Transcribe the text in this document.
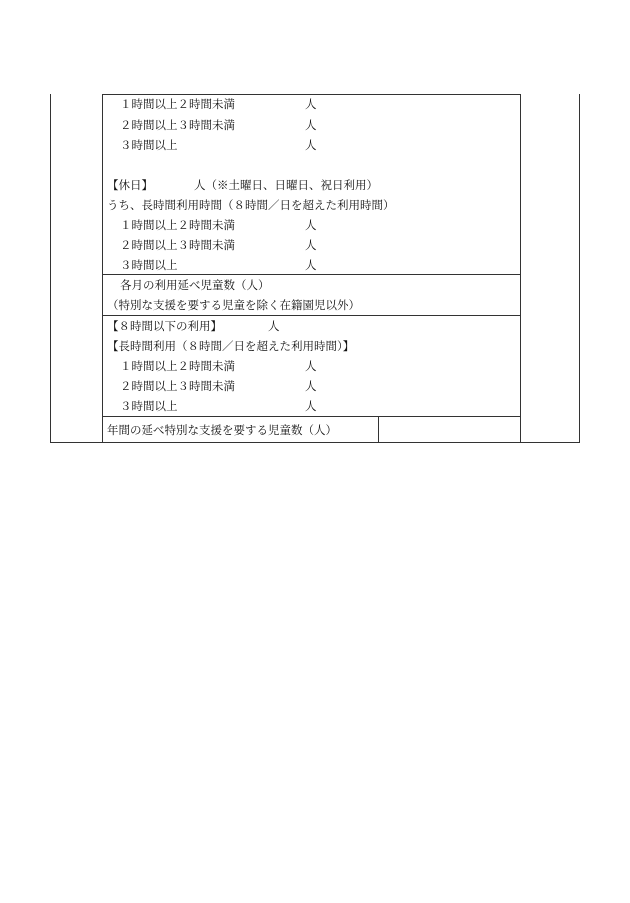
１時間以上２時間未満	人
２時間以上３時間未満	人
３時間以上	人
【休日】	人（※土曜日、日曜日、祝日利用）
うち、長時間利用時間（８時間／日を超えた利用時間）
１時間以上２時間未満	人
２時間以上３時間未満	人
３時間以上	人
各月の利用延べ児童数（人）
（特別な支援を要する児童を除く在籍園児以外）
【８時間以下の利用】	人
【長時間利用（８時間／日を超えた利用時間）】
１時間以上２時間未満	人
２時間以上３時間未満	人
３時間以上	人
年間の延べ特別な支援を要する児童数（人）
